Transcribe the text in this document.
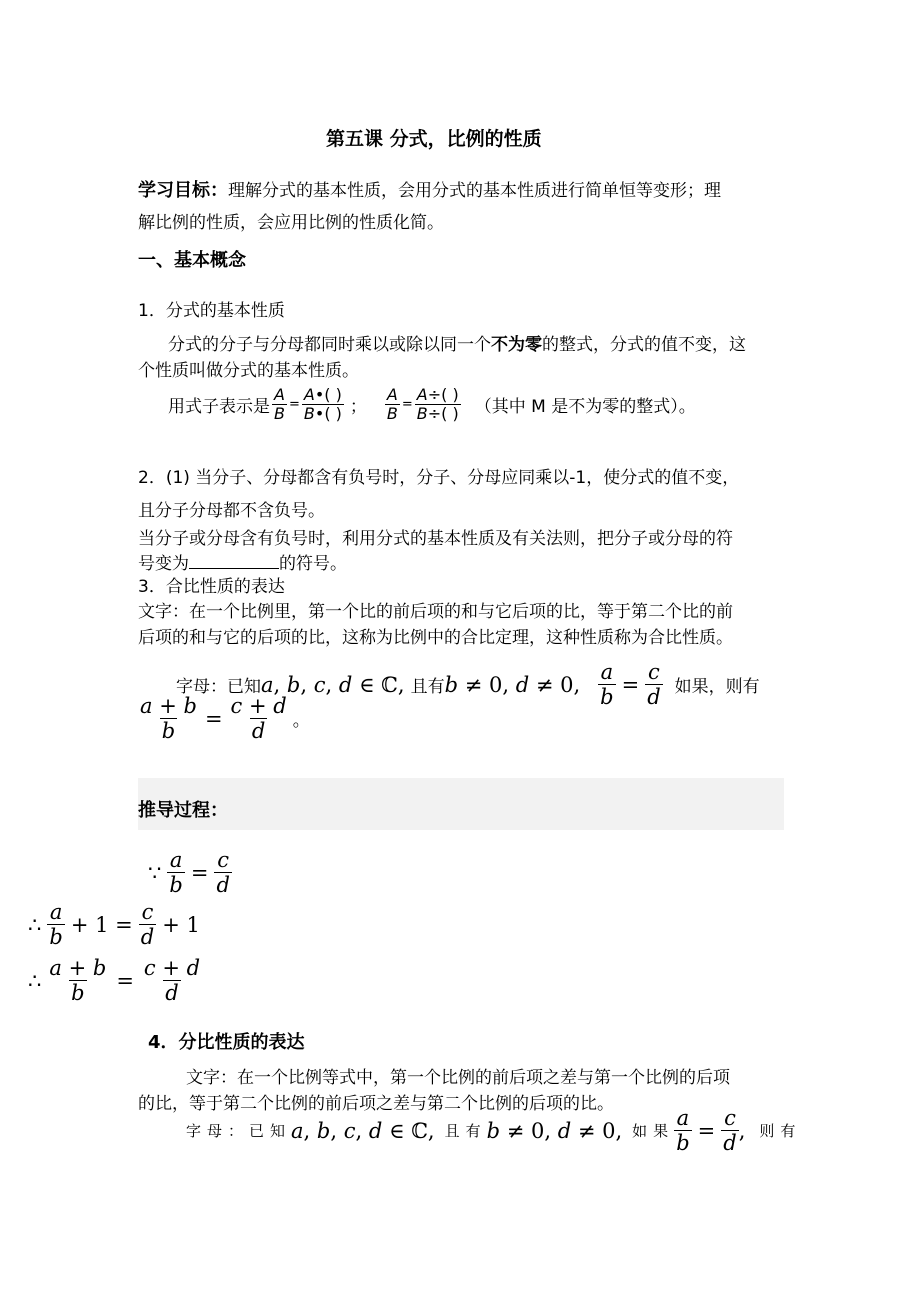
第五课 分式，比例的性质
学习目标：理解分式的基本性质，会用分式的基本性质进行简单恒等变形；理
解比例的性质，会应用比例的性质化简。
一、基本概念
1．分式的基本性质
分式的分子与分母都同时乘以或除以同一个不为零的整式，分式的值不变，这
个性质叫做分式的基本性质。
用式子表示是 $\frac{A}{B} = \frac{A•( )}{B•( )}$ ； $\frac{A}{B} = \frac{A\div( )}{B\div( )}$ （其中 M 是不为零的整式）。
2．(1) 当分子、分母都含有负号时，分子、分母应同乘以-1，使分式的值不变，
且分子分母都不含负号。
当分子或分母含有负号时，利用分式的基本性质及有关法则，把分子或分母的符
号变为	的符号。
3．合比性质的表达
文字：在一个比例里，第一个比的前后项的和与它后项的比，等于第二个比的前
后项的和与它的后项的比，这称为比例中的合比定理，这种性质称为合比性质。
字母：已知 a, b, c, d ∈ ℂ, 且有 b ≠ 0, d ≠ 0, $\frac{a}{b} = \frac{c}{d}$ 如果，则有
$\frac{a + b}{b} = \frac{c + d}{d}$ 。
推导过程：
∵ $\frac{a}{b} = \frac{c}{d}$
∴ $\frac{a}{b} + 1 = \frac{c}{d} + 1$
∴ $\frac{a + b}{b} = \frac{c + d}{d}$
4．分比性质的表达
文字：在一个比例等式中，第一个比例的前后项之差与第一个比例的后项
的比，等于第二个比例的前后项之差与第二个比例的后项的比。
字母：已知 a, b, c, d ∈ ℂ, 且有 b ≠ 0, d ≠ 0, 如果 $\frac{a}{b} = \frac{c}{d}$ , 则有
